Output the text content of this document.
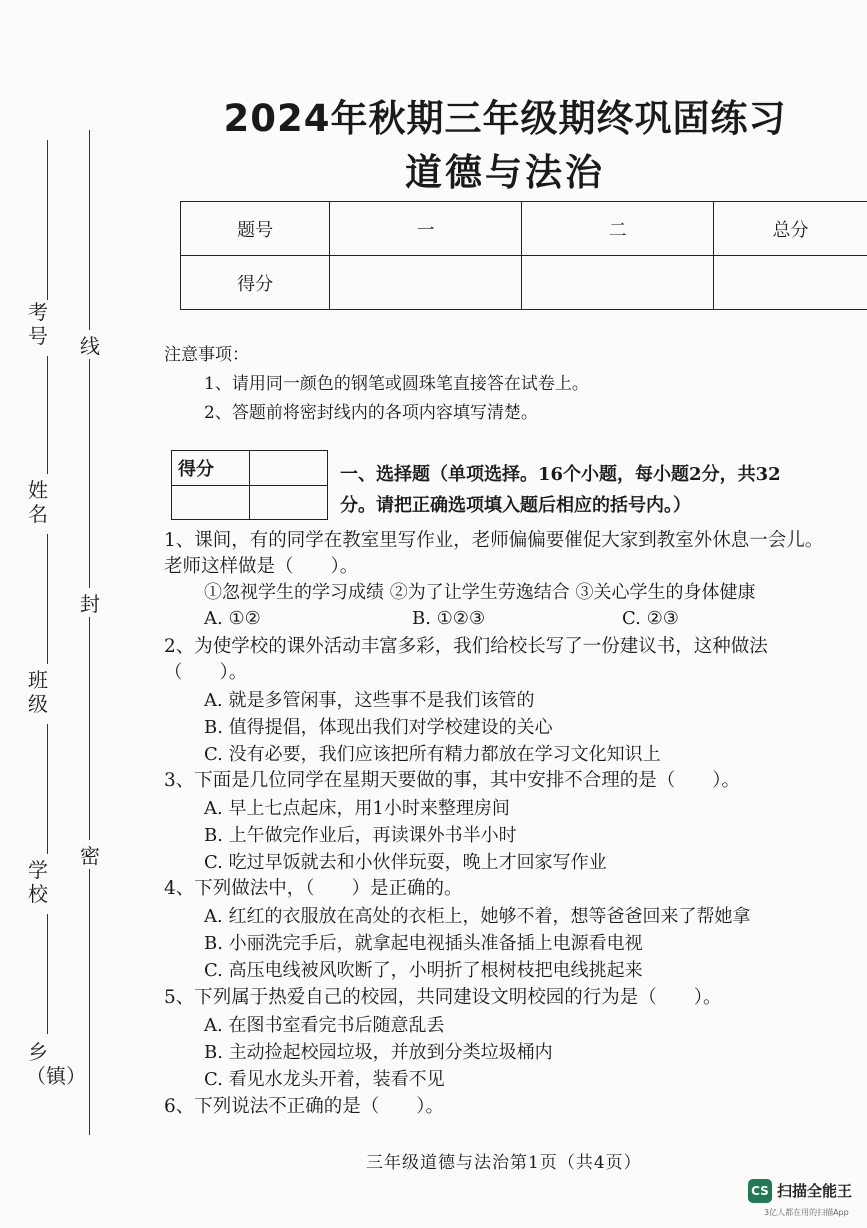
2024年秋期三年级期终巩固练习
道德与法治
题号	一	二	总分
得分			
考号
姓名
班级
学校
乡（镇）
线
封
密
注意事项：
1、请用同一颜色的钢笔或圆珠笔直接答在试卷上。
2、答题前将密封线内的各项内容填写清楚。
得分	
		一、选择题（单项选择。16个小题，每小题2分，共32
分。请把正确选项填入题后相应的括号内。）
1、课间，有的同学在教室里写作业，老师偏偏要催促大家到教室外休息一会儿。
老师这样做是（　　）。
①忽视学生的学习成绩 ②为了让学生劳逸结合 ③关心学生的身体健康
A. ①②	B. ①②③	C. ②③
2、为使学校的课外活动丰富多彩，我们给校长写了一份建议书，这种做法
（　　）。
A. 就是多管闲事，这些事不是我们该管的
B. 值得提倡，体现出我们对学校建设的关心
C. 没有必要，我们应该把所有精力都放在学习文化知识上
3、下面是几位同学在星期天要做的事，其中安排不合理的是（　　）。
A. 早上七点起床，用1小时来整理房间
B. 上午做完作业后，再读课外书半小时
C. 吃过早饭就去和小伙伴玩耍，晚上才回家写作业
4、下列做法中，（　　）是正确的。
A. 红红的衣服放在高处的衣柜上，她够不着，想等爸爸回来了帮她拿
B. 小丽洗完手后，就拿起电视插头准备插上电源看电视
C. 高压电线被风吹断了，小明折了根树枝把电线挑起来
5、下列属于热爱自己的校园，共同建设文明校园的行为是（　　）。
A. 在图书室看完书后随意乱丢
B. 主动捡起校园垃圾，并放到分类垃圾桶内
C. 看见水龙头开着，装看不见
6、下列说法不正确的是（　　）。
三年级道德与法治第1页（共4页）
CS 扫描全能王
3亿人都在用的扫描App
